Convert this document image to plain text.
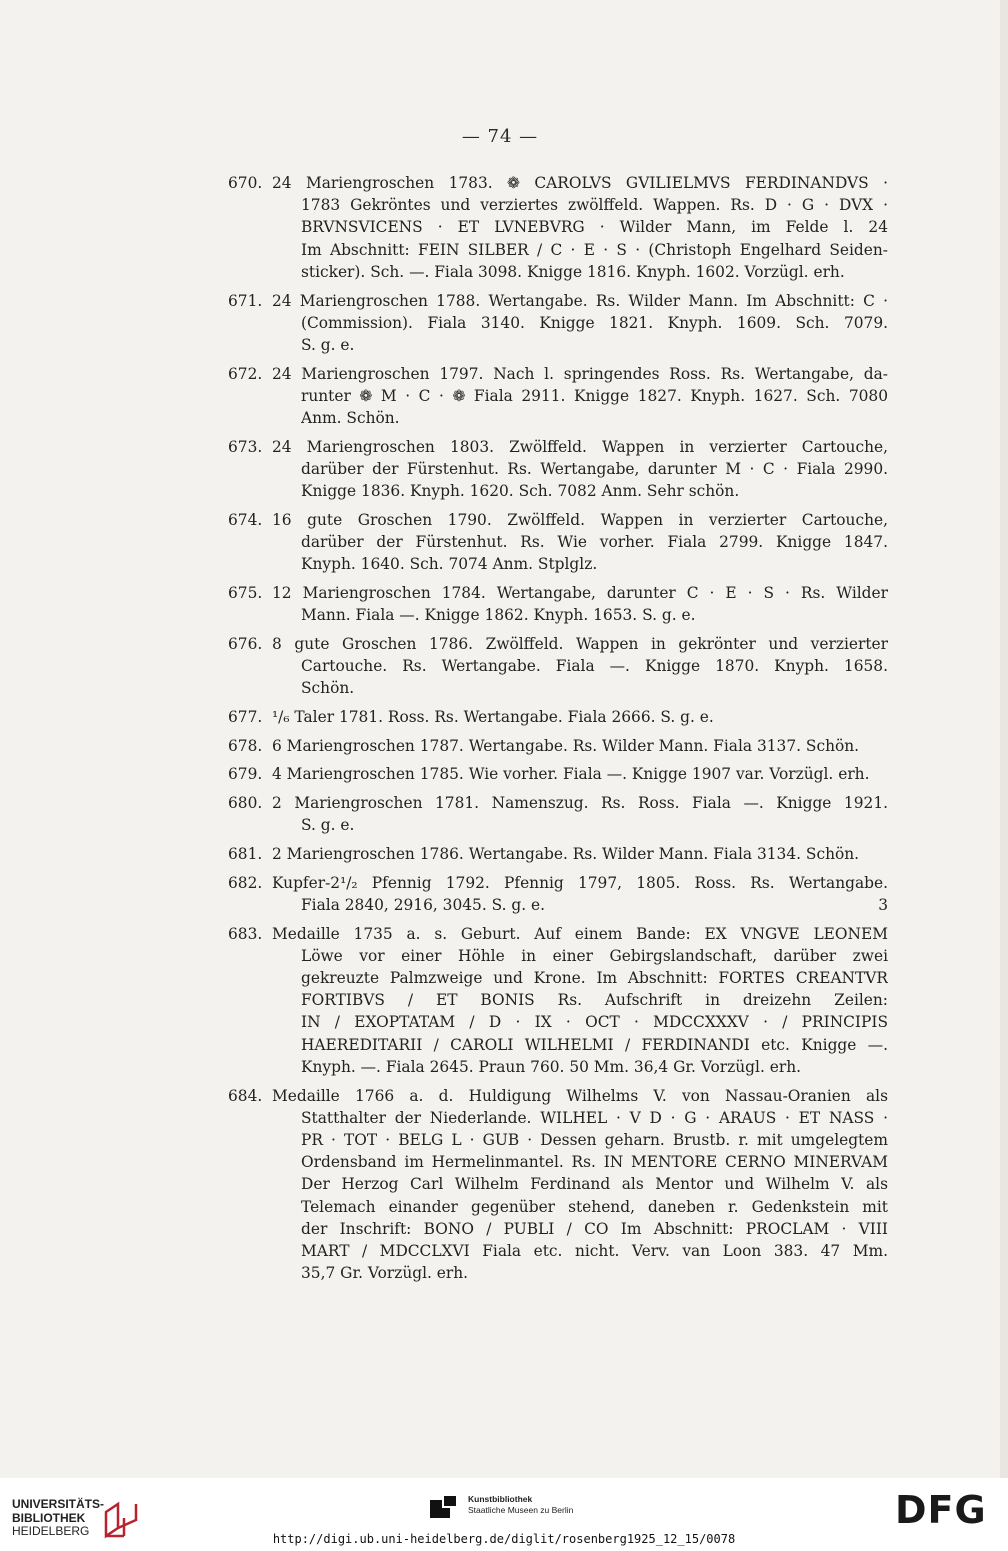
— 74 —
670. 24 Mariengroschen 1783. ❁ CAROLVS GVILIELMVS FERDINANDVS ·
1783 Gekröntes und verziertes zwölffeld. Wappen. Rs. D · G · DVX ·
BRVNSVICENS · ET LVNEBVRG · Wilder Mann, im Felde l. 24
Im Abschnitt: FEIN SILBER / C · E · S · (Christoph Engelhard Seiden-
sticker). Sch. —. Fiala 3098. Knigge 1816. Knyph. 1602. Vorzügl. erh.
671. 24 Mariengroschen 1788. Wertangabe. Rs. Wilder Mann. Im Abschnitt: C ·
(Commission). Fiala 3140. Knigge 1821. Knyph. 1609. Sch. 7079.
S. g. e.
672. 24 Mariengroschen 1797. Nach l. springendes Ross. Rs. Wertangabe, da-
runter ❁ M · C · ❁ Fiala 2911. Knigge 1827. Knyph. 1627. Sch. 7080
Anm. Schön.
673. 24 Mariengroschen 1803. Zwölffeld. Wappen in verzierter Cartouche,
darüber der Fürstenhut. Rs. Wertangabe, darunter M · C · Fiala 2990.
Knigge 1836. Knyph. 1620. Sch. 7082 Anm. Sehr schön.
674. 16 gute Groschen 1790. Zwölffeld. Wappen in verzierter Cartouche,
darüber der Fürstenhut. Rs. Wie vorher. Fiala 2799. Knigge 1847.
Knyph. 1640. Sch. 7074 Anm. Stplglz.
675. 12 Mariengroschen 1784. Wertangabe, darunter C · E · S · Rs. Wilder
Mann. Fiala —. Knigge 1862. Knyph. 1653. S. g. e.
676. 8 gute Groschen 1786. Zwölffeld. Wappen in gekrönter und verzierter
Cartouche. Rs. Wertangabe. Fiala —. Knigge 1870. Knyph. 1658.
Schön.
677. ¹/₆ Taler 1781. Ross. Rs. Wertangabe. Fiala 2666. S. g. e.
678. 6 Mariengroschen 1787. Wertangabe. Rs. Wilder Mann. Fiala 3137. Schön.
679. 4 Mariengroschen 1785. Wie vorher. Fiala —. Knigge 1907 var. Vorzügl. erh.
680. 2 Mariengroschen 1781. Namenszug. Rs. Ross. Fiala —. Knigge 1921.
S. g. e.
681. 2 Mariengroschen 1786. Wertangabe. Rs. Wilder Mann. Fiala 3134. Schön.
682. Kupfer-2¹/₂ Pfennig 1792. Pfennig 1797, 1805. Ross. Rs. Wertangabe.
Fiala 2840, 2916, 3045. S. g. e.	3
683. Medaille 1735 a. s. Geburt. Auf einem Bande: EX VNGVE LEONEM
Löwe vor einer Höhle in einer Gebirgslandschaft, darüber zwei
gekreuzte Palmzweige und Krone. Im Abschnitt: FORTES CREANTVR
FORTIBVS / ET BONIS Rs. Aufschrift in dreizehn Zeilen:
IN / EXOPTATAM / D · IX · OCT · MDCCXXXV · / PRINCIPIS
HAEREDITARII / CAROLI WILHELMI / FERDINANDI etc. Knigge —.
Knyph. —. Fiala 2645. Praun 760. 50 Mm. 36,4 Gr. Vorzügl. erh.
684. Medaille 1766 a. d. Huldigung Wilhelms V. von Nassau-Oranien als
Statthalter der Niederlande. WILHEL · V D · G · ARAUS · ET NASS ·
PR · TOT · BELG L · GUB · Dessen geharn. Brustb. r. mit umgelegtem
Ordensband im Hermelinmantel. Rs. IN MENTORE CERNO MINERVAM
Der Herzog Carl Wilhelm Ferdinand als Mentor und Wilhelm V. als
Telemach einander gegenüber stehend, daneben r. Gedenkstein mit
der Inschrift: BONO / PUBLI / CO Im Abschnitt: PROCLAM · VIII
MART / MDCCLXVI Fiala etc. nicht. Verv. van Loon 383. 47 Mm.
35,7 Gr. Vorzügl. erh.
UNIVERSITÄTS-
BIBLIOTHEK
HEIDELBERG
Kunstbibliothek
Staatliche Museen zu Berlin	DFG
http://digi.ub.uni-heidelberg.de/diglit/rosenberg1925_12_15/0078
